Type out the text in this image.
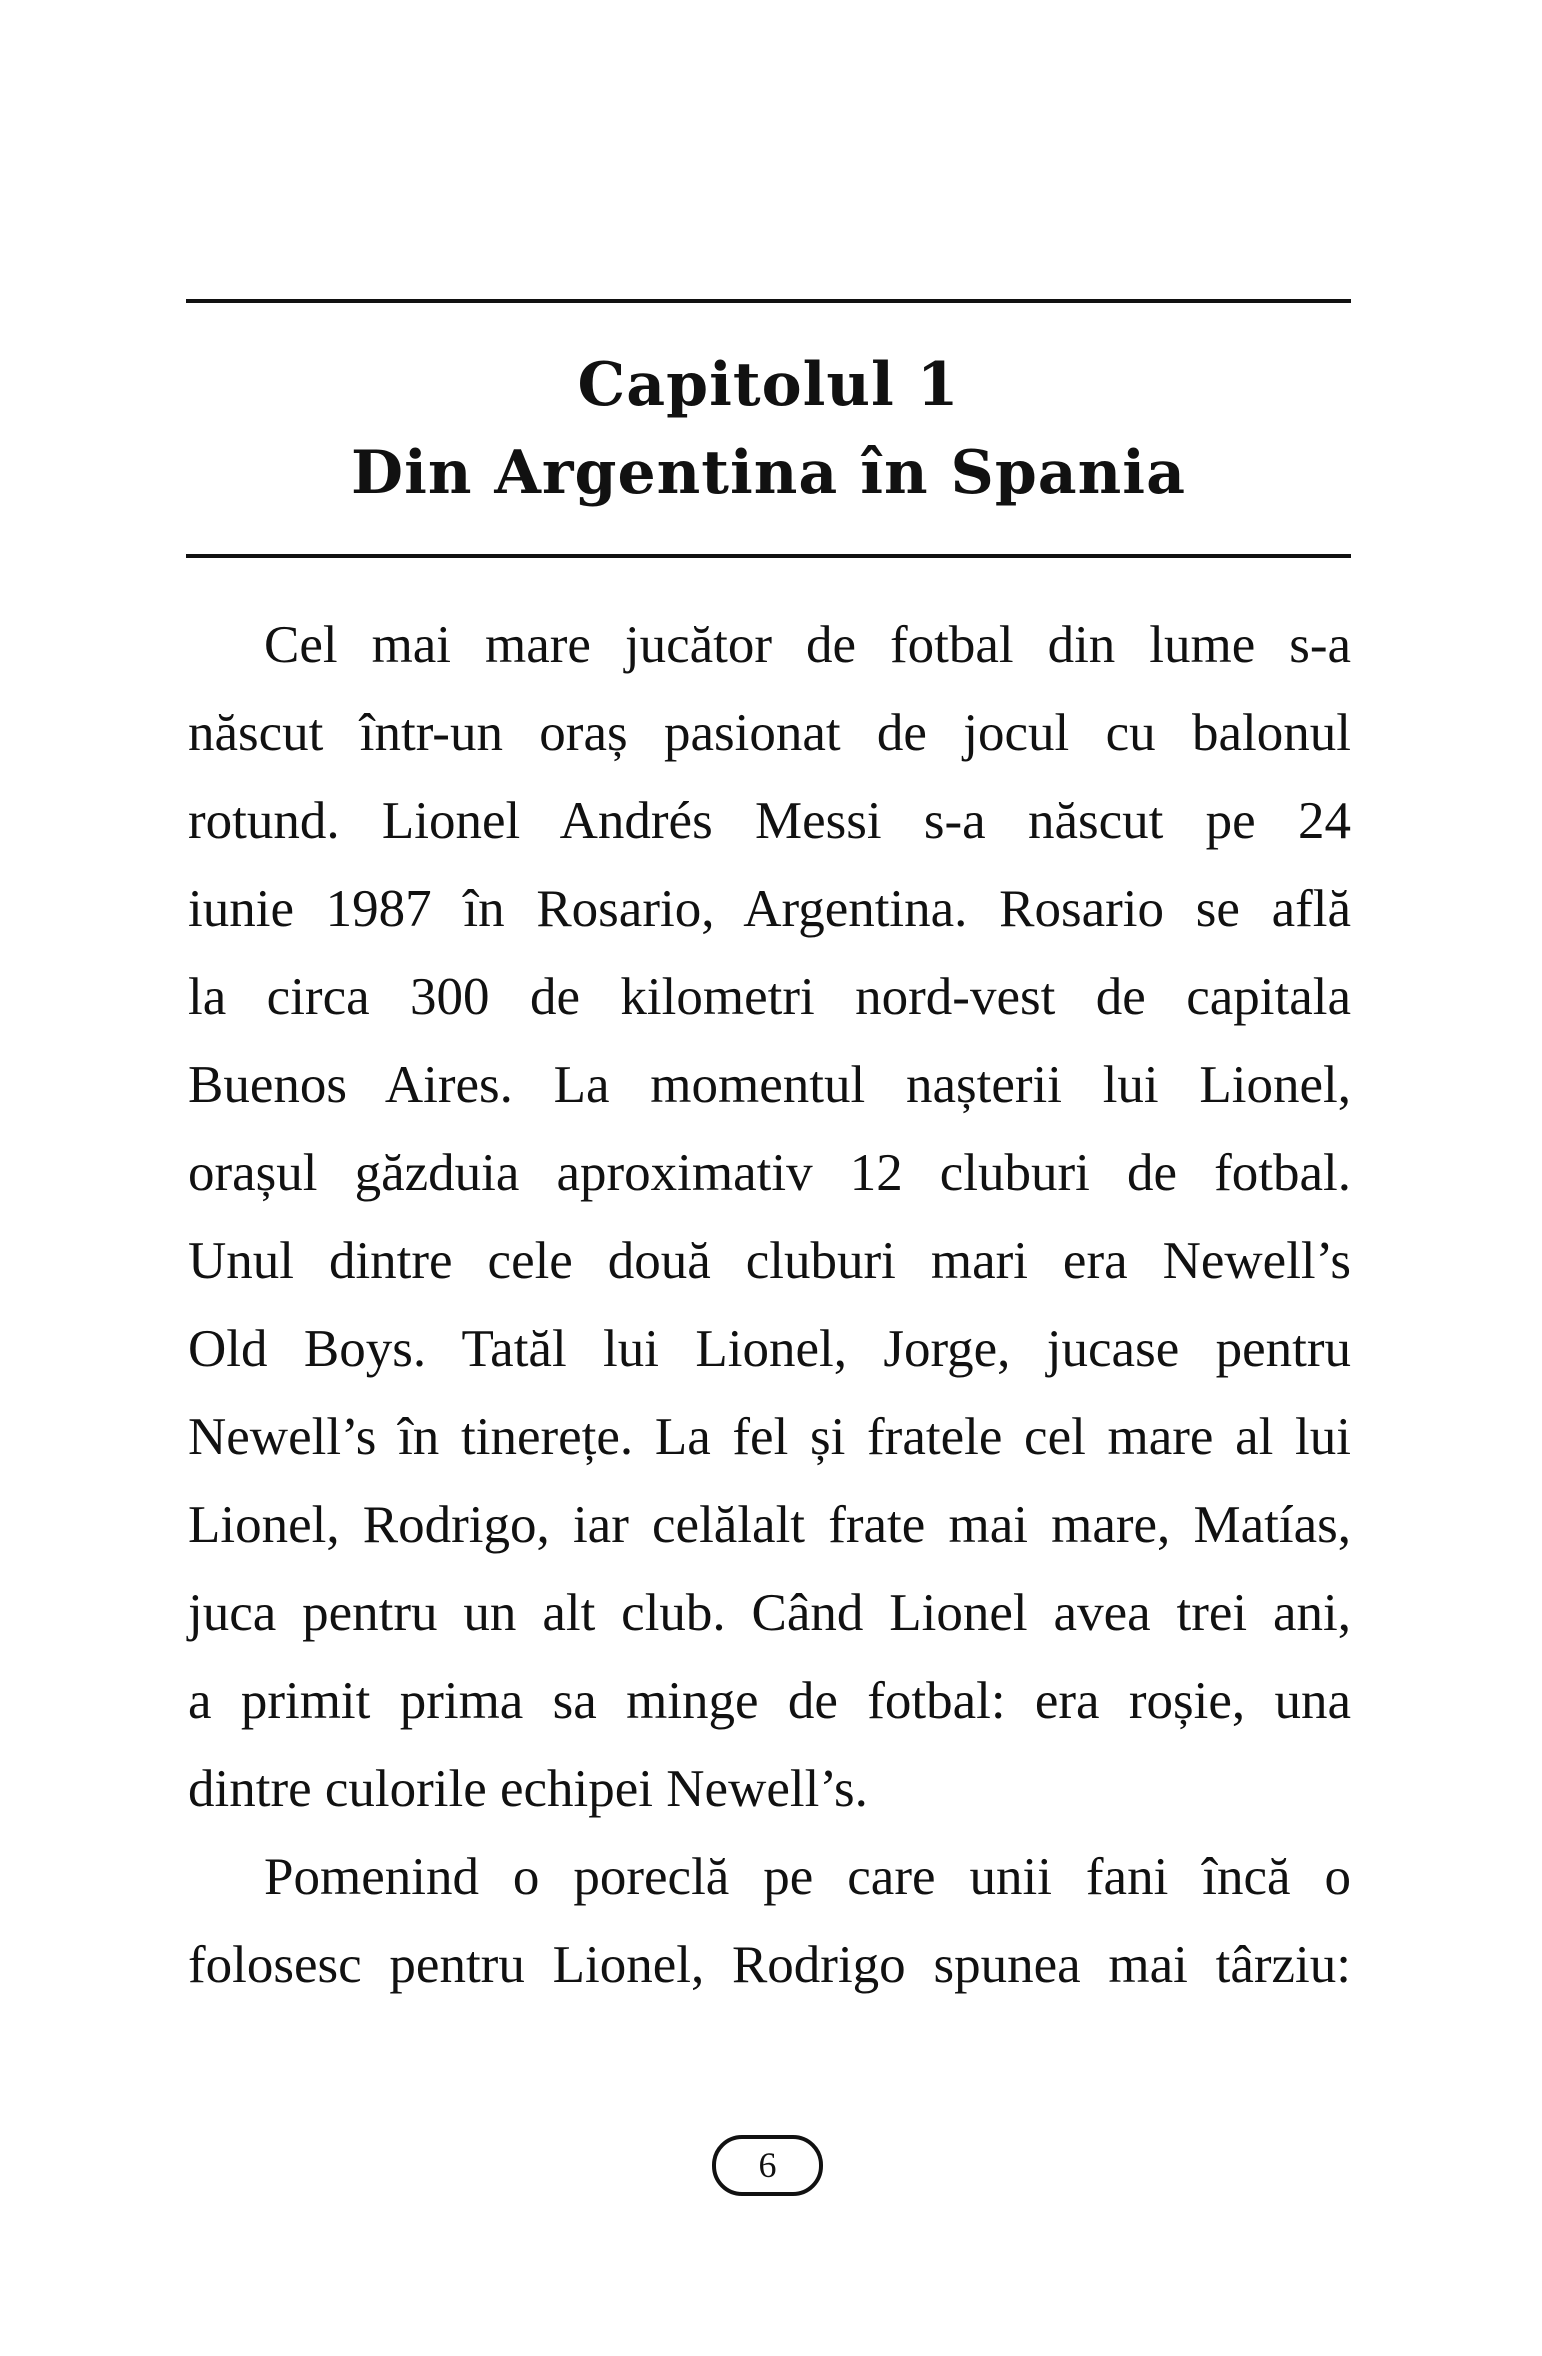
Capitolul 1
Din Argentina în Spania
Cel mai mare jucător de fotbal din lume s-a
născut într-un oraș pasionat de jocul cu balonul
rotund. Lionel Andrés Messi s-a născut pe 24
iunie 1987 în Rosario, Argentina. Rosario se află
la circa 300 de kilometri nord-vest de capitala
Buenos Aires. La momentul nașterii lui Lionel,
orașul găzduia aproximativ 12 cluburi de fotbal.
Unul dintre cele două cluburi mari era Newell’s
Old Boys. Tatăl lui Lionel, Jorge, jucase pentru
Newell’s în tinerețe. La fel și fratele cel mare al lui
Lionel, Rodrigo, iar celălalt frate mai mare, Matías,
juca pentru un alt club. Când Lionel avea trei ani,
a primit prima sa minge de fotbal: era roșie, una
dintre culorile echipei Newell’s.
Pomenind o poreclă pe care unii fani încă o
folosesc pentru Lionel, Rodrigo spunea mai târziu:
6
